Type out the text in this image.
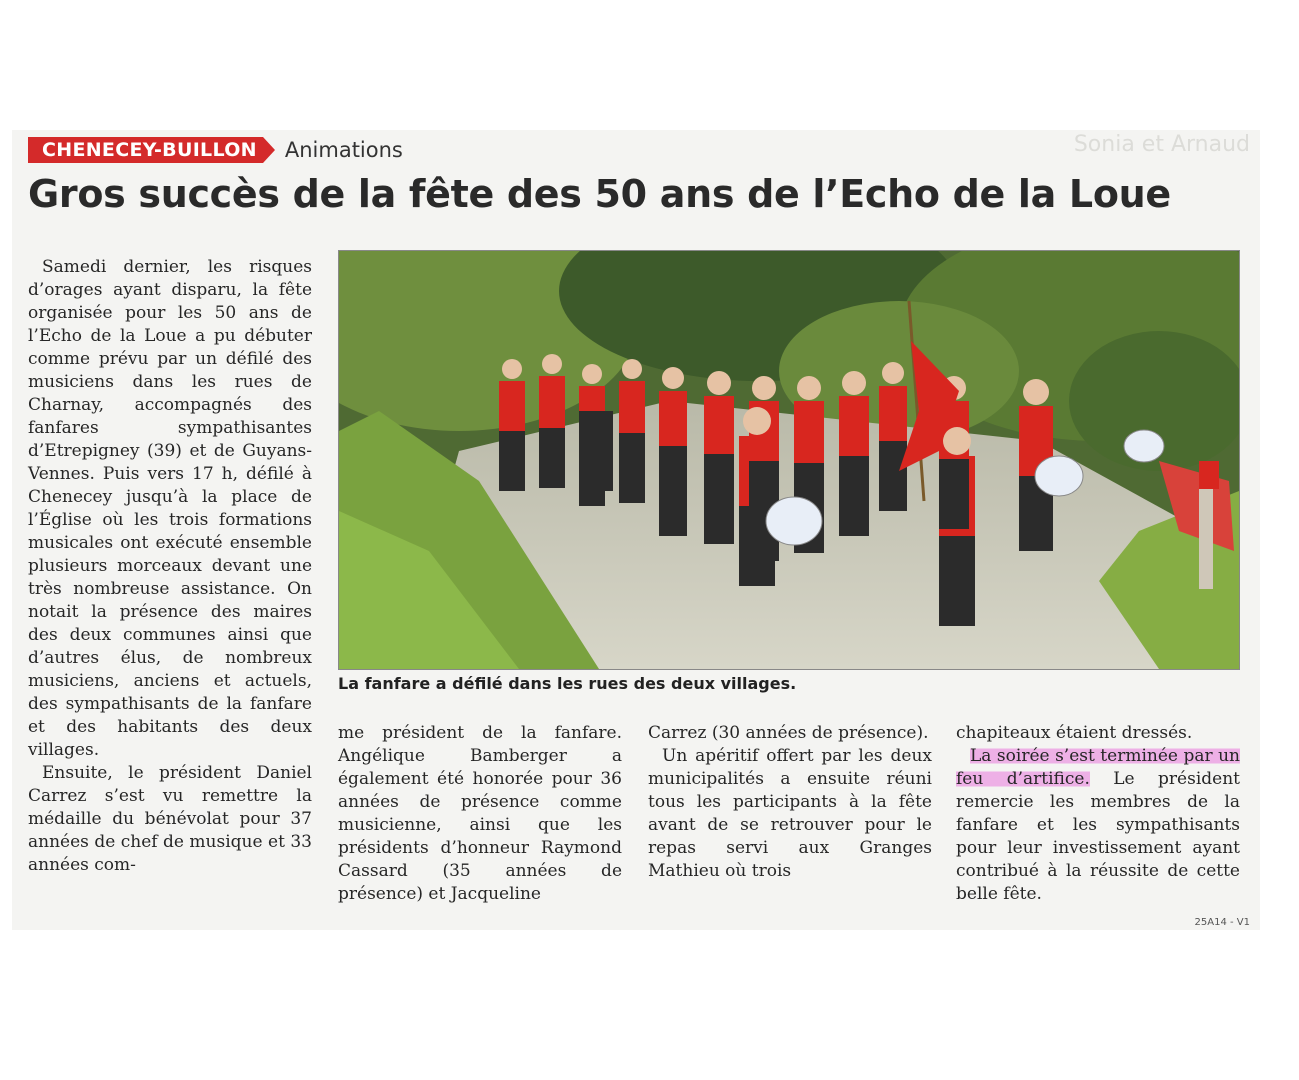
Sonia et Arnaud
CHENECEY-BUILLON Animations
Gros succès de la fête des 50 ans de l’Echo de la Loue

Samedi dernier, les risques d’orages ayant disparu, la fête organisée pour les 50 ans de l’Echo de la Loue a pu débuter comme prévu par un défilé des musiciens dans les rues de Charnay, accompagnés des fanfares sympathisantes d’Etrepigney (39) et de Guyans-Vennes. Puis vers 17 h, défilé à Chenecey jusqu’à la place de l’Église où les trois formations musicales ont exécuté ensemble plusieurs morceaux devant une très nombreuse assistance. On notait la présence des maires des deux communes ainsi que d’autres élus, de nombreux musiciens, anciens et actuels, des sympathisants de la fanfare et des habitants des deux villages.

Ensuite, le président Daniel Carrez s’est vu remettre la médaille du bénévolat pour 37 années de chef de musique et 33 années com-

La fanfare a défilé dans les rues des deux villages.

me président de la fanfare. Angélique Bamberger a également été honorée pour 36 années de présence comme musicienne, ainsi que les présidents d’honneur Raymond Cassard (35 années de présence) et Jacqueline

Carrez (30 années de présence).

Un apéritif offert par les deux municipalités a ensuite réuni tous les participants à la fête avant de se retrouver pour le repas servi aux Granges Mathieu où trois

chapiteaux étaient dressés.

La soirée s’est terminée par un feu d’artifice. Le président remercie les membres de la fanfare et les sympathisants pour leur investissement ayant contribué à la réussite de cette belle fête.

25A14 - V1
